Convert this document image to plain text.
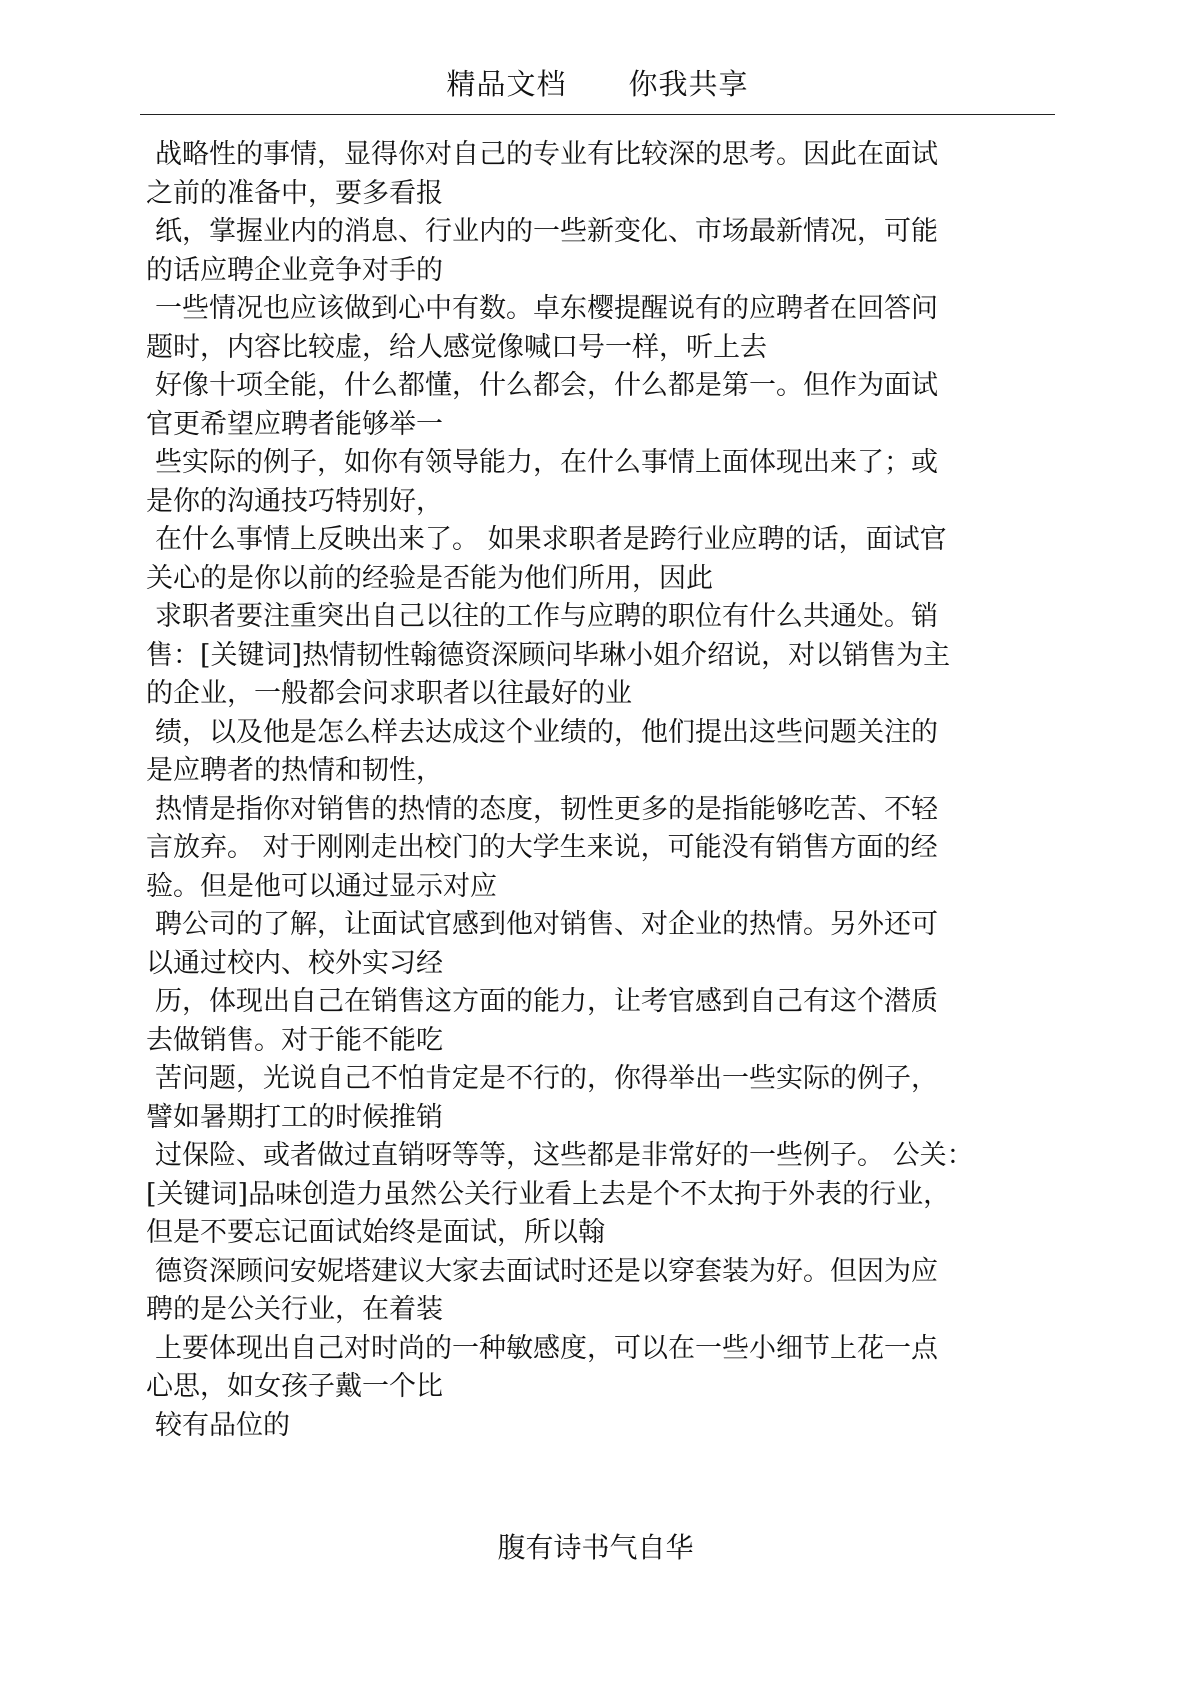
精品文档 你我共享
战略性的事情，显得你对自己的专业有比较深的思考。因此在面试
之前的准备中，要多看报
纸，掌握业内的消息、行业内的一些新变化、市场最新情况，可能
的话应聘企业竞争对手的
一些情况也应该做到心中有数。卓东樱提醒说有的应聘者在回答问
题时，内容比较虚，给人感觉像喊口号一样，听上去
好像十项全能，什么都懂，什么都会，什么都是第一。但作为面试
官更希望应聘者能够举一
些实际的例子，如你有领导能力，在什么事情上面体现出来了；或
是你的沟通技巧特别好，
在什么事情上反映出来了。 如果求职者是跨行业应聘的话，面试官
关心的是你以前的经验是否能为他们所用，因此
求职者要注重突出自己以往的工作与应聘的职位有什么共通处。销
售：[关键词]热情韧性翰德资深顾问毕琳小姐介绍说，对以销售为主
的企业，一般都会问求职者以往最好的业
绩，以及他是怎么样去达成这个业绩的，他们提出这些问题关注的
是应聘者的热情和韧性，
热情是指你对销售的热情的态度，韧性更多的是指能够吃苦、不轻
言放弃。 对于刚刚走出校门的大学生来说，可能没有销售方面的经
验。但是他可以通过显示对应
聘公司的了解，让面试官感到他对销售、对企业的热情。另外还可
以通过校内、校外实习经
历，体现出自己在销售这方面的能力，让考官感到自己有这个潜质
去做销售。对于能不能吃
苦问题，光说自己不怕肯定是不行的，你得举出一些实际的例子，
譬如暑期打工的时候推销
过保险、或者做过直销呀等等，这些都是非常好的一些例子。 公关：
[关键词]品味创造力虽然公关行业看上去是个不太拘于外表的行业，
但是不要忘记面试始终是面试，所以翰
德资深顾问安妮塔建议大家去面试时还是以穿套装为好。但因为应
聘的是公关行业，在着装
上要体现出自己对时尚的一种敏感度，可以在一些小细节上花一点
心思，如女孩子戴一个比
较有品位的
腹有诗书气自华
